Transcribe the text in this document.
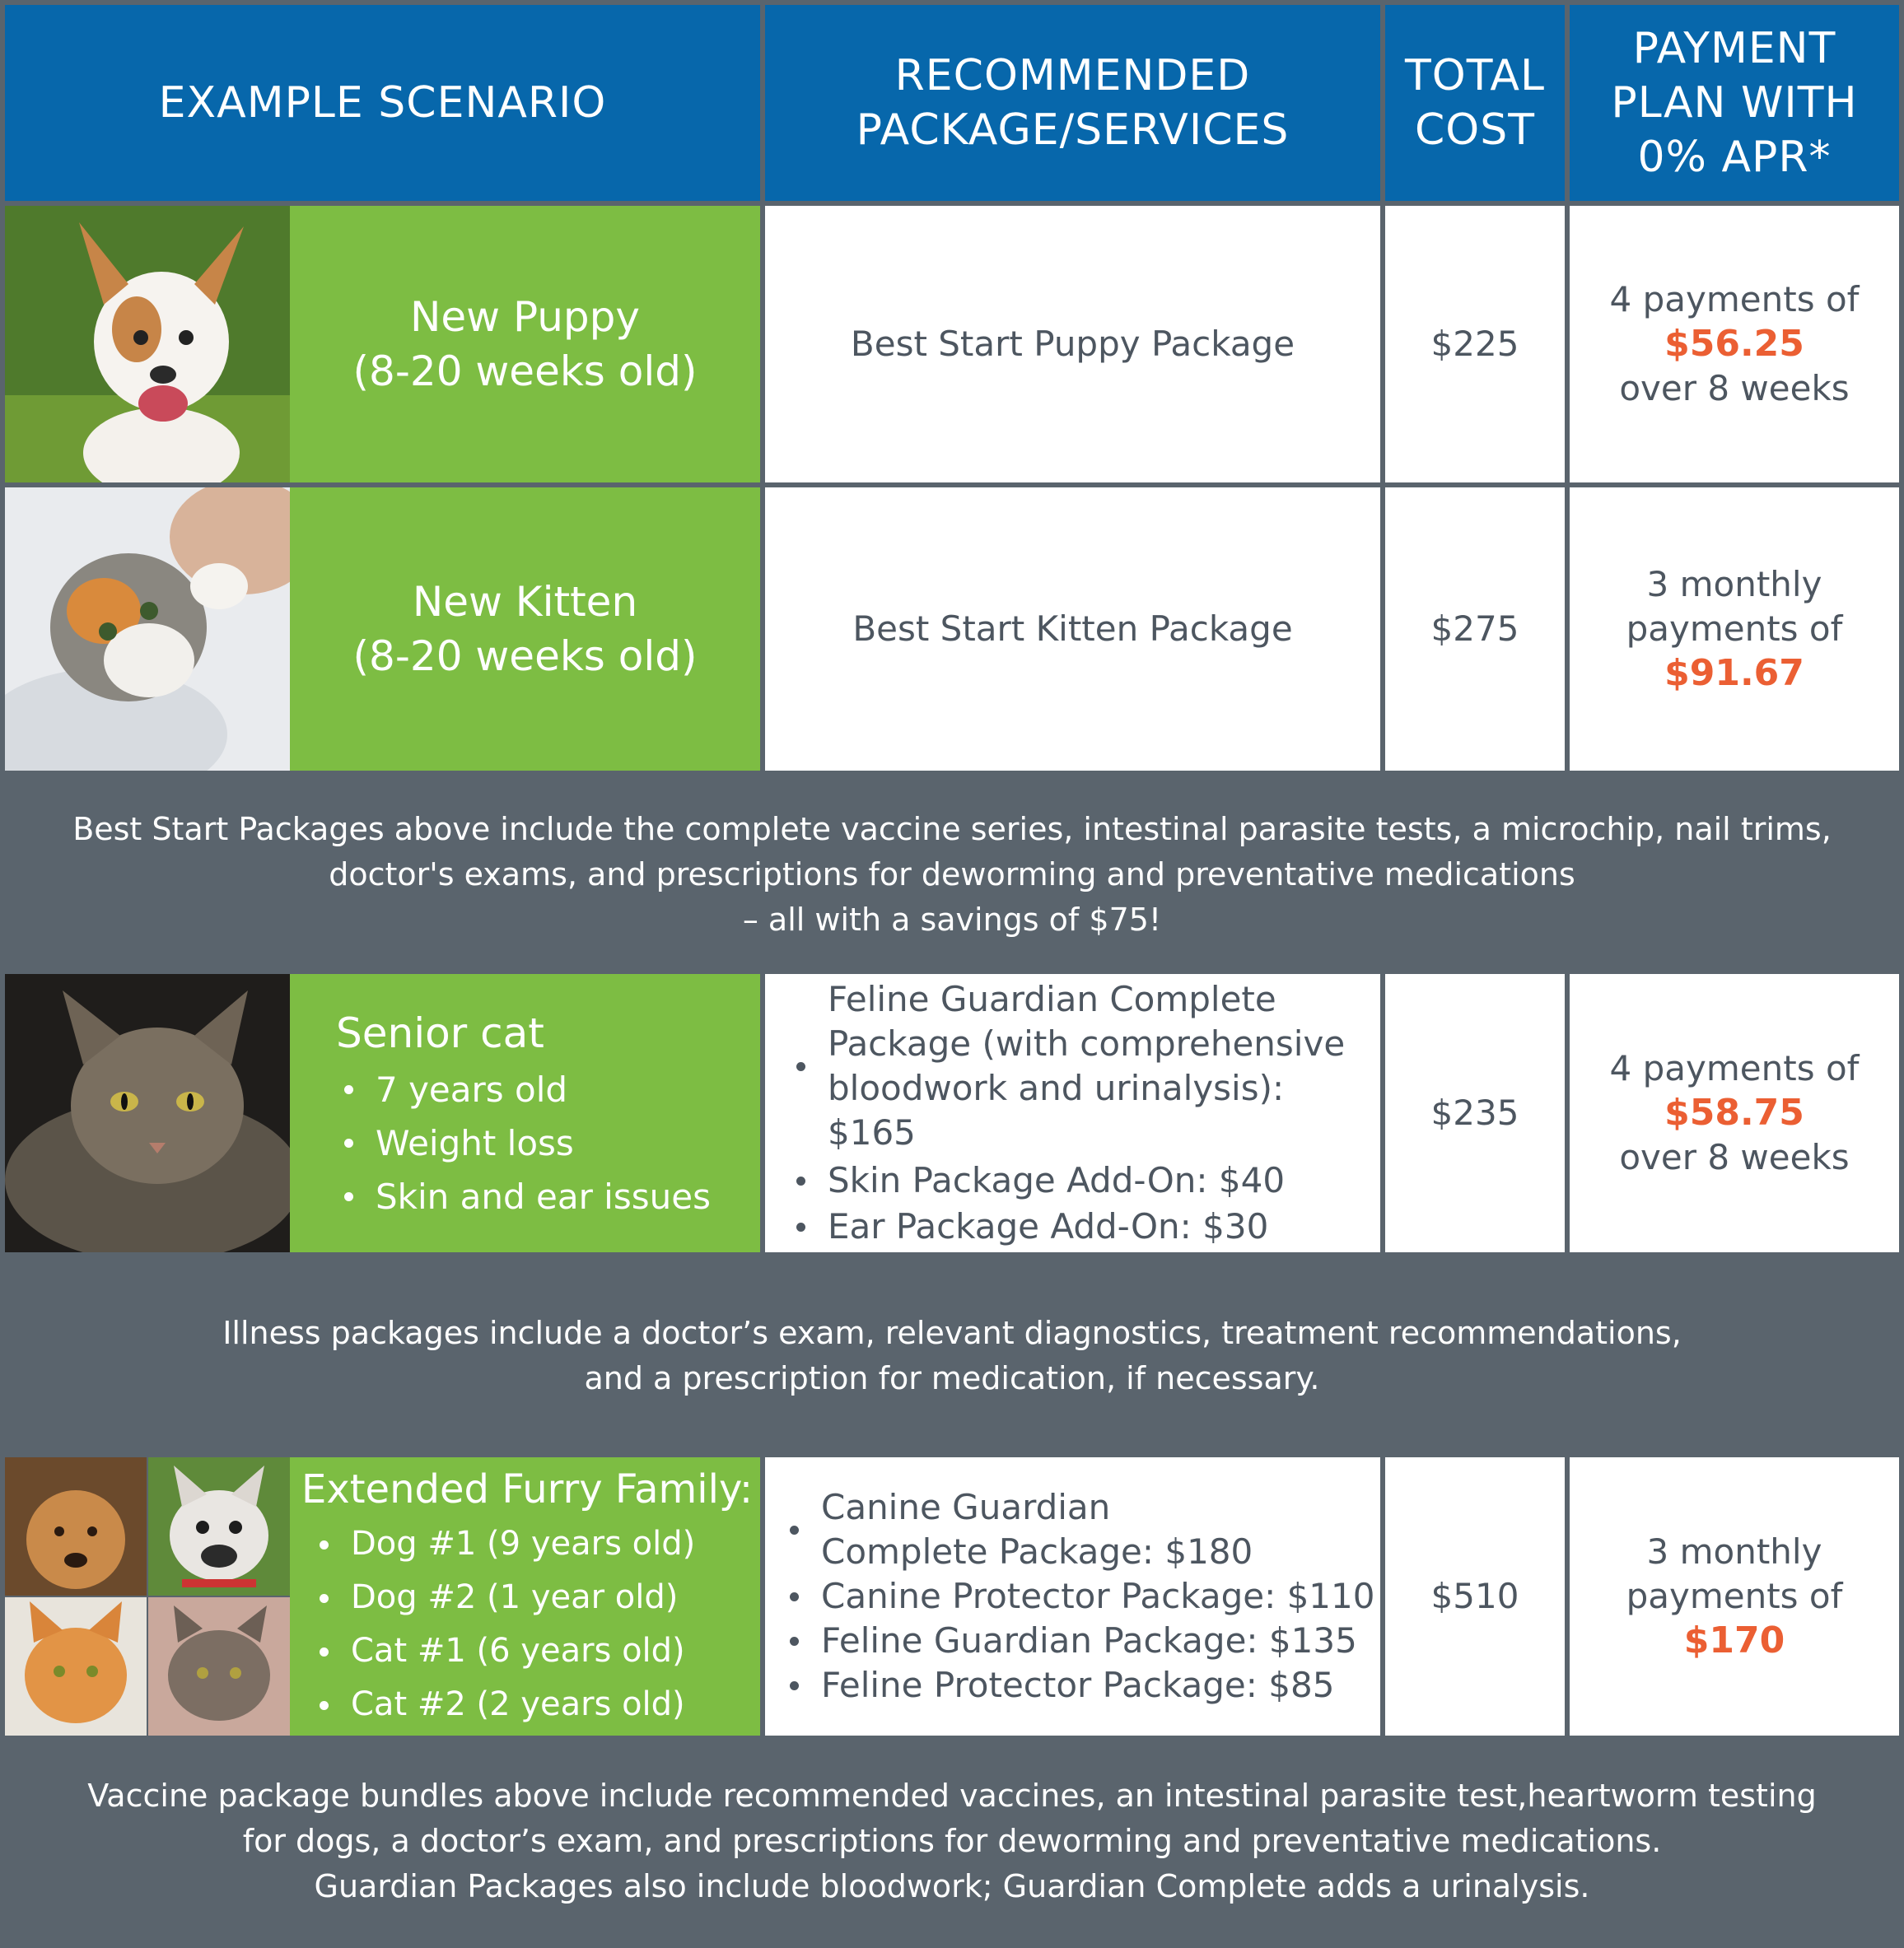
EXAMPLE SCENARIO
RECOMMENDED
PACKAGE/SERVICES
TOTAL
COST
PAYMENT
PLAN WITH
0% APR*
New Puppy
(8-20 weeks old)
Best Start Puppy Package	$225
4 payments of
$56.25
over 8 weeks
New Kitten
(8-20 weeks old)
Best Start Kitten Package	$275
3 monthly
payments of
$91.67
Best Start Packages above include the complete vaccine series, intestinal parasite tests, a microchip, nail trims,
doctor's exams, and prescriptions for deworming and preventative medications
– all with a savings of $75!
Senior cat
7 years old
Weight loss
Skin and ear issues
Feline Guardian Complete
Package (with comprehensive
bloodwork and urinalysis): $165
Skin Package Add-On: $40
Ear Package Add-On: $30
$235
4 payments of
$58.75
over 8 weeks
Illness packages include a doctor’s exam, relevant diagnostics, treatment recommendations,
and a prescription for medication, if necessary.
Extended Furry Family:
Dog #1 (9 years old)
Dog #2 (1 year old)
Cat #1 (6 years old)
Cat #2 (2 years old)
Canine Guardian
Complete Package: $180
Canine Protector Package: $110
Feline Guardian Package: $135
Feline Protector Package: $85
$510
3 monthly
payments of
$170
Vaccine package bundles above include recommended vaccines, an intestinal parasite test,heartworm testing
for dogs, a doctor’s exam, and prescriptions for deworming and preventative medications.
Guardian Packages also include bloodwork; Guardian Complete adds a urinalysis.
